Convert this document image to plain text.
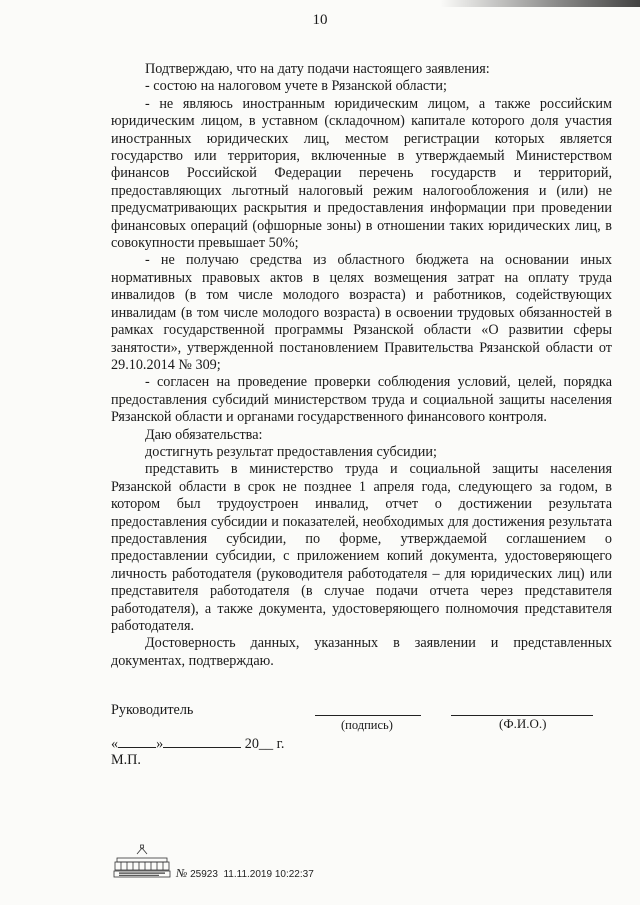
10

Подтверждаю, что на дату подачи настоящего заявления:

- состою на налоговом учете в Рязанской области;

- не являюсь иностранным юридическим лицом, а также российским юридическим лицом, в уставном (складочном) капитале которого доля участия иностранных юридических лиц, местом регистрации которых является государство или территория, включенные в утверждаемый Министерством финансов Российской Федерации перечень государств и территорий, предоставляющих льготный налоговый режим налогообложения и (или) не предусматривающих раскрытия и предоставления информации при проведении финансовых операций (офшорные зоны) в отношении таких юридических лиц, в совокупности превышает 50%;

- не получаю средства из областного бюджета на основании иных нормативных правовых актов в целях возмещения затрат на оплату труда инвалидов (в том числе молодого возраста) и работников, содействующих инвалидам (в том числе молодого возраста) в освоении трудовых обязанностей в рамках государственной программы Рязанской области «О развитии сферы занятости», утвержденной постановлением Правительства Рязанской области от 29.10.2014 № 309;

- согласен на проведение проверки соблюдения условий, целей, порядка предоставления субсидий министерством труда и социальной защиты населения Рязанской области и органами государственного финансового контроля.

Даю обязательства:

достигнуть результат предоставления субсидии;

представить в министерство труда и социальной защиты населения Рязанской области в срок не позднее 1 апреля года, следующего за годом, в котором был трудоустроен инвалид, отчет о достижении результата предоставления субсидии и показателей, необходимых для достижения результата предоставления субсидии, по форме, утверждаемой соглашением о предоставлении субсидии, с приложением копий документа, удостоверяющего личность работодателя (руководителя работодателя – для юридических лиц) или представителя работодателя (в случае подачи отчета через представителя работодателя), а также документа, удостоверяющего полномочия представителя работодателя.

Достоверность данных, указанных в заявлении и представленных документах, подтверждаю.

Руководитель
(подпись)	(Ф.И.О.)
«	»	20__ г.
М.П.
№ 25923 11.11.2019 10:22:37
